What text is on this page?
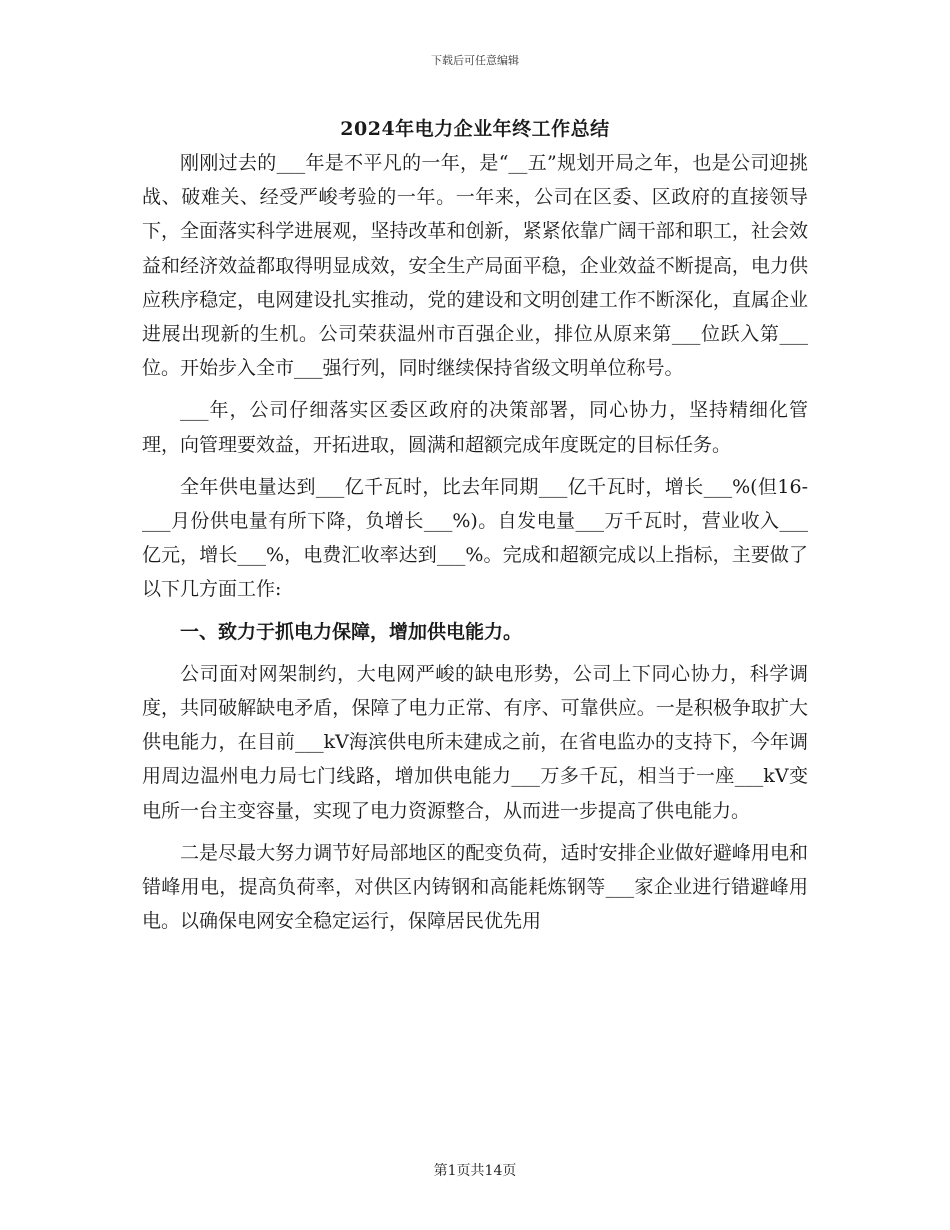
下载后可任意编辑
2024年电力企业年终工作总结

刚刚过去的___年是不平凡的一年，是“__五”规划开局之年，也是公司迎挑战、破难关、经受严峻考验的一年。一年来，公司在区委、区政府的直接领导下，全面落实科学进展观，坚持改革和创新，紧紧依靠广阔干部和职工，社会效益和经济效益都取得明显成效，安全生产局面平稳，企业效益不断提高，电力供应秩序稳定，电网建设扎实推动，党的建设和文明创建工作不断深化，直属企业进展出现新的生机。公司荣获温州市百强企业，排位从原来第___位跃入第___位。开始步入全市___强行列，同时继续保持省级文明单位称号。

___年，公司仔细落实区委区政府的决策部署，同心协力，坚持精细化管理，向管理要效益，开拓进取，圆满和超额完成年度既定的目标任务。

全年供电量达到___亿千瓦时，比去年同期___亿千瓦时，增长___%(但16-___月份供电量有所下降，负增长___%)。自发电量___万千瓦时，营业收入___亿元，增长___%，电费汇收率达到___%。完成和超额完成以上指标，主要做了以下几方面工作:

一、致力于抓电力保障，增加供电能力。

公司面对网架制约，大电网严峻的缺电形势，公司上下同心协力，科学调度，共同破解缺电矛盾，保障了电力正常、有序、可靠供应。一是积极争取扩大供电能力，在目前___kV海滨供电所未建成之前，在省电监办的支持下，今年调用周边温州电力局七门线路，增加供电能力___万多千瓦，相当于一座___kV变电所一台主变容量，实现了电力资源整合，从而进一步提高了供电能力。

二是尽最大努力调节好局部地区的配变负荷，适时安排企业做好避峰用电和错峰用电，提高负荷率，对供区内铸钢和高能耗炼钢等___家企业进行错避峰用电。以确保电网安全稳定运行，保障居民优先用

第1页共14页
